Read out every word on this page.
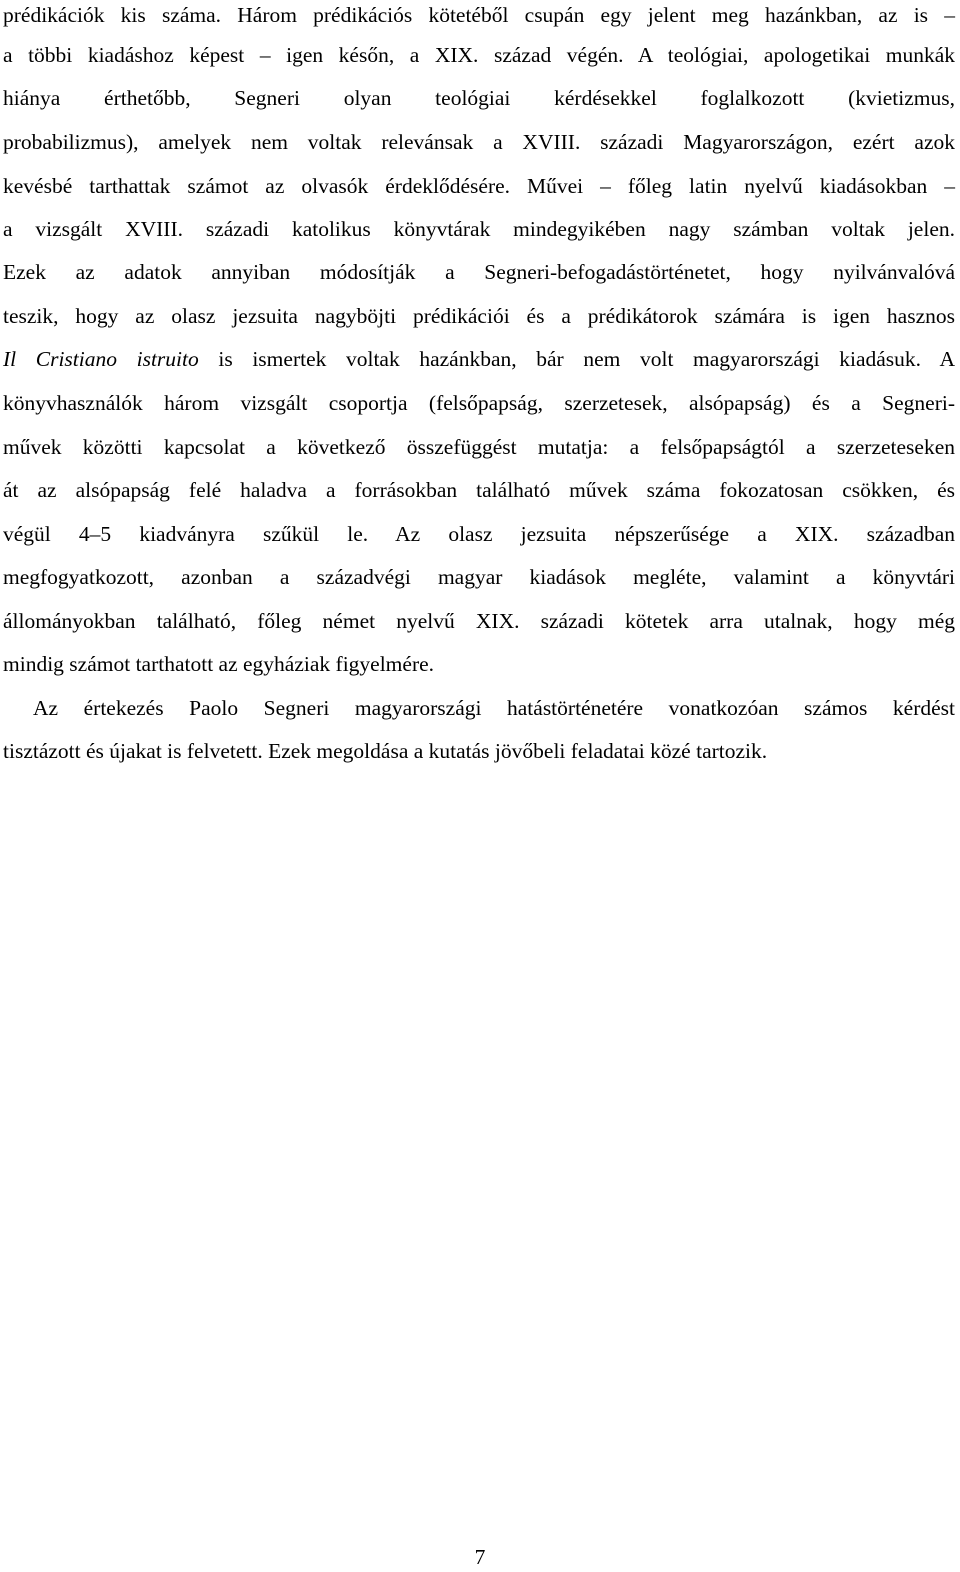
prédikációk kis száma. Három prédikációs kötetéből csupán egy jelent meg hazánkban, az is –
a többi kiadáshoz képest – igen későn, a XIX. század végén. A teológiai, apologetikai munkák
hiánya érthetőbb, Segneri olyan teológiai kérdésekkel foglalkozott (kvietizmus,
probabilizmus), amelyek nem voltak relevánsak a XVIII. századi Magyarországon, ezért azok
kevésbé tarthattak számot az olvasók érdeklődésére. Művei – főleg latin nyelvű kiadásokban –
a vizsgált XVIII. századi katolikus könyvtárak mindegyikében nagy számban voltak jelen.
Ezek az adatok annyiban módosítják a Segneri-befogadástörténetet, hogy nyilvánvalóvá
teszik, hogy az olasz jezsuita nagyböjti prédikációi és a prédikátorok számára is igen hasznos
Il Cristiano istruito is ismertek voltak hazánkban, bár nem volt magyarországi kiadásuk. A
könyvhasználók három vizsgált csoportja (felsőpapság, szerzetesek, alsópapság) és a Segneri-
művek közötti kapcsolat a következő összefüggést mutatja: a felsőpapságtól a szerzeteseken
át az alsópapság felé haladva a forrásokban található művek száma fokozatosan csökken, és
végül 4–5 kiadványra szűkül le. Az olasz jezsuita népszerűsége a XIX. században
megfogyatkozott, azonban a századvégi magyar kiadások megléte, valamint a könyvtári
állományokban található, főleg német nyelvű XIX. századi kötetek arra utalnak, hogy még
mindig számot tarthatott az egyháziak figyelmére.
Az értekezés Paolo Segneri magyarországi hatástörténetére vonatkozóan számos kérdést
tisztázott és újakat is felvetett. Ezek megoldása a kutatás jövőbeli feladatai közé tartozik.
7
